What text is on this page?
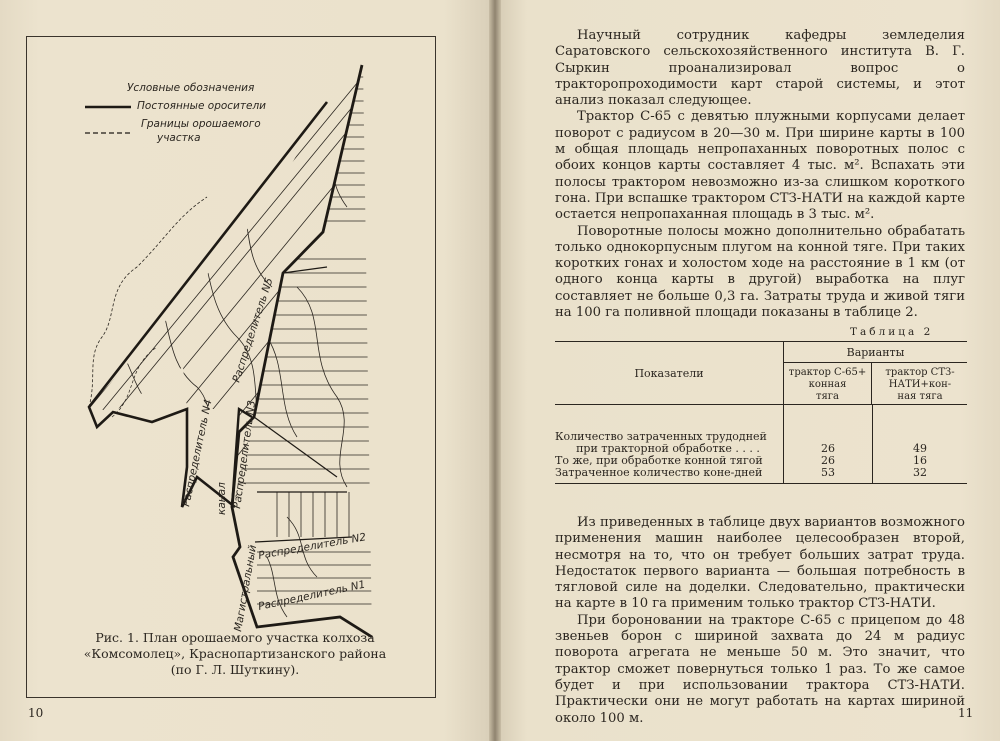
Условные обозначения
Постоянные оросители
Границы орошаемого
участка
Распределитель N5
Распределитель N4 Распределитель N3
Распределитель N2
Распределитель N1
канал
Магистральный
Рис. 1. План орошаемого участка колхоза
«Комсомолец», Краснопартизанского района
(по Г. Л. Шуткину).
10

Научный сотрудник кафедры земледелия Саратовского сельскохозяйственного института В. Г. Сыркин проанализировал вопрос о тракторопроходимости карт старой системы, и этот анализ показал следующее.

Трактор С-65 с девятью плужными корпусами делает поворот с радиусом в 20—30 м. При ширине карты в 100 м общая площадь непропаханных поворотных полос с обоих концов карты составляет 4 тыс. м². Вспахать эти полосы трактором невозможно из-за слишком короткого гона. При вспашке трактором СТЗ-НАТИ на каждой карте остается непропаханная площадь в 3 тыс. м².

Поворотные полосы можно дополнительно обрабатать только однокорпусным плугом на конной тяге. При таких коротких гонах и холостом ходе на расстояние в 1 км (от одного конца карты в другой) выработка на плуг составляет не больше 0,3 га. Затраты труда и живой тяги на 100 га поливной площади показаны в таблице 2.

Таблица 2
Показатели
Варианты
трактор С-65+
конная
тяга
трактор СТЗ-
НАТИ+кон-
ная тяга
Количество затраченных трудодней
при тракторной обработке . . . .	26	49
То же, при обработке конной тягой	26	16
Затраченное количество коне-дней	53	32

Из приведенных в таблице двух вариантов возможного применения машин наиболее целесообразен второй, несмотря на то, что он требует больших затрат труда. Недостаток первого варианта — большая потребность в тягловой силе на доделки. Следовательно, практически на карте в 10 га применим только трактор СТЗ-НАТИ.

При бороновании на тракторе С-65 с прицепом до 48 звеньев борон с шириной захвата до 24 м радиус поворота агрегата не меньше 50 м. Это значит, что трактор сможет повернуться только 1 раз. То же самое будет и при использовании трактора СТЗ-НАТИ. Практически они не могут работать на картах шириной около 100 м.	11
